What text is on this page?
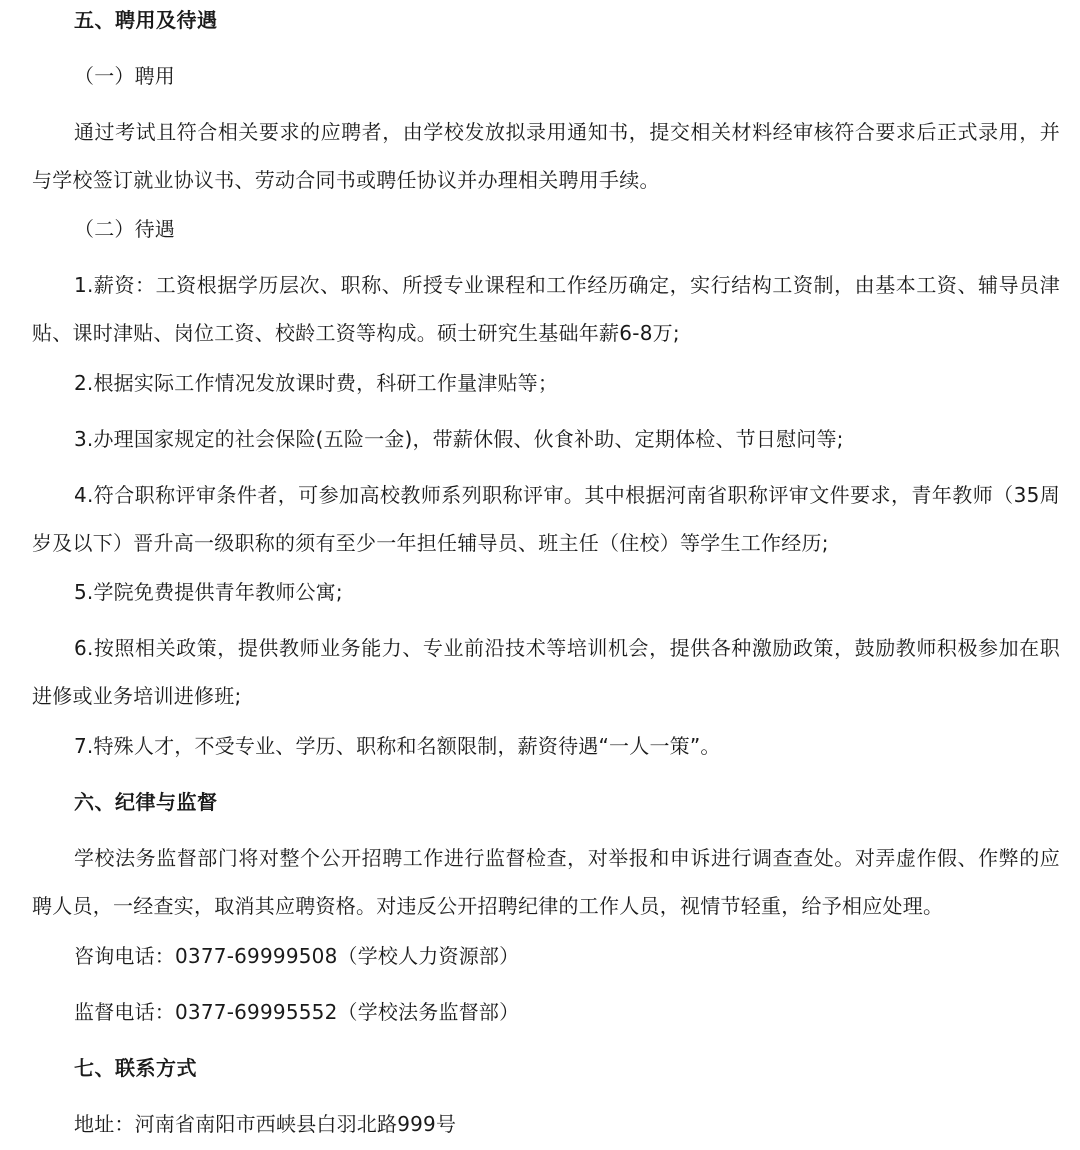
五、聘用及待遇
（一）聘用
通过考试且符合相关要求的应聘者，由学校发放拟录用通知书，提交相关材料经审核符合要求后正式录用，并与学校签订就业协议书、劳动合同书或聘任协议并办理相关聘用手续。
（二）待遇
1.薪资：工资根据学历层次、职称、所授专业课程和工作经历确定，实行结构工资制，由基本工资、辅导员津贴、课时津贴、岗位工资、校龄工资等构成。硕士研究生基础年薪6-8万;
2.根据实际工作情况发放课时费，科研工作量津贴等；
3.办理国家规定的社会保险(五险一金)，带薪休假、伙食补助、定期体检、节日慰问等;
4.符合职称评审条件者，可参加高校教师系列职称评审。其中根据河南省职称评审文件要求，青年教师（35周岁及以下）晋升高一级职称的须有至少一年担任辅导员、班主任（住校）等学生工作经历;
5.学院免费提供青年教师公寓;
6.按照相关政策，提供教师业务能力、专业前沿技术等培训机会，提供各种激励政策，鼓励教师积极参加在职进修或业务培训进修班;
7.特殊人才，不受专业、学历、职称和名额限制，薪资待遇“一人一策”。
六、纪律与监督
学校法务监督部门将对整个公开招聘工作进行监督检查，对举报和申诉进行调查查处。对弄虚作假、作弊的应聘人员，一经查实，取消其应聘资格。对违反公开招聘纪律的工作人员，视情节轻重，给予相应处理。
咨询电话：0377-69999508（学校人力资源部）
监督电话：0377-69995552（学校法务监督部）
七、联系方式
地址：河南省南阳市西峡县白羽北路999号
